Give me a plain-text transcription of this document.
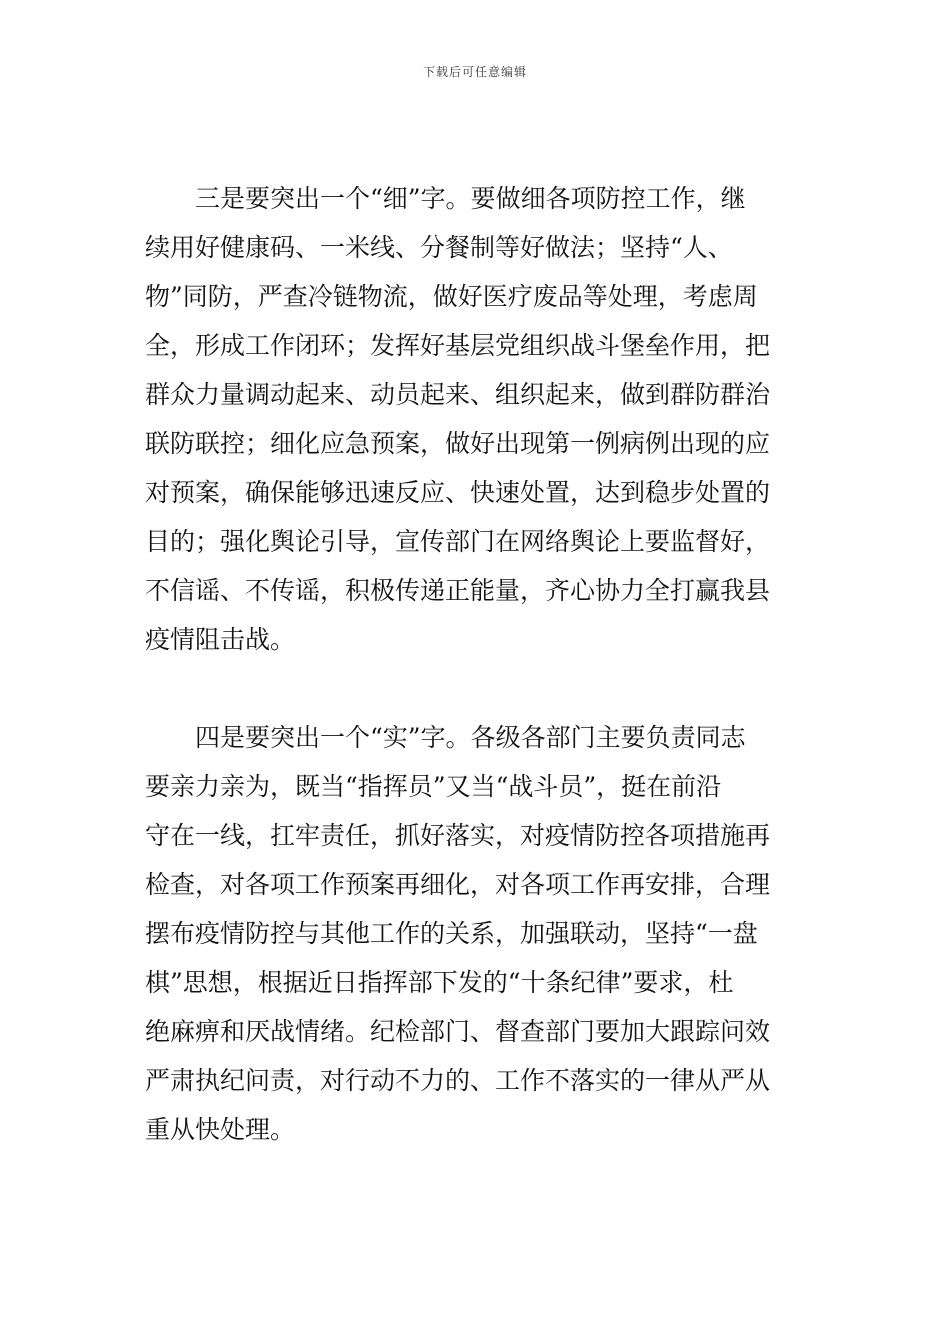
下载后可任意编辑
三是要突出一个“细”字。要做细各项防控工作，继
续用好健康码、一米线、分餐制等好做法；坚持“人、
物”同防，严查冷链物流，做好医疗废品等处理，考虑周
全，形成工作闭环；发挥好基层党组织战斗堡垒作用，把
群众力量调动起来、动员起来、组织起来，做到群防群治
联防联控；细化应急预案，做好出现第一例病例出现的应
对预案，确保能够迅速反应、快速处置，达到稳步处置的
目的；强化舆论引导，宣传部门在网络舆论上要监督好，
不信谣、不传谣，积极传递正能量，齐心协力全打赢我县
疫情阻击战。
四是要突出一个“实”字。各级各部门主要负责同志
要亲力亲为，既当“指挥员”又当“战斗员”，挺在前沿
守在一线，扛牢责任，抓好落实，对疫情防控各项措施再
检查，对各项工作预案再细化，对各项工作再安排，合理
摆布疫情防控与其他工作的关系，加强联动，坚持“一盘
棋”思想，根据近日指挥部下发的“十条纪律”要求，杜
绝麻痹和厌战情绪。纪检部门、督查部门要加大跟踪问效
严肃执纪问责，对行动不力的、工作不落实的一律从严从
重从快处理。
